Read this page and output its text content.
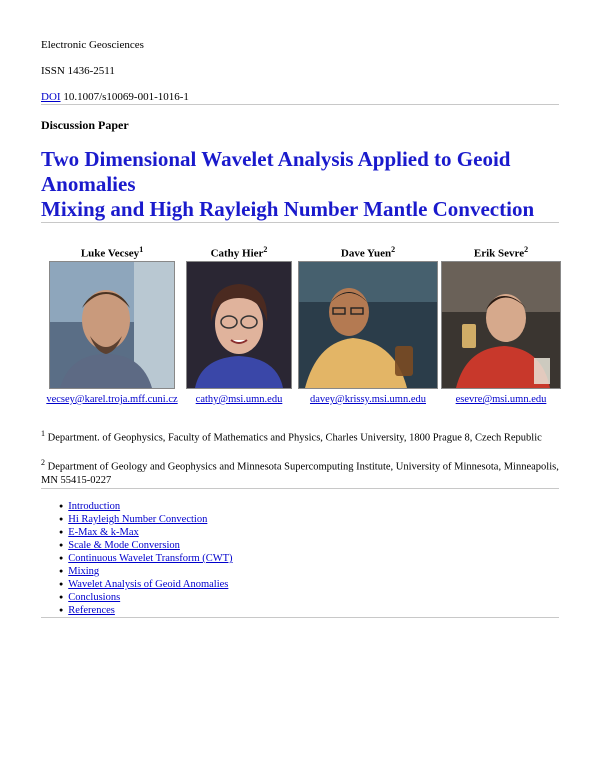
Electronic Geosciences

ISSN 1436-2511

DOI 10.1007/s10069-001-1016-1

Discussion Paper

Two Dimensional Wavelet Analysis Applied to Geoid Anomalies
Mixing and High Rayleigh Number Mantle Convection
Luke Vecsey$^1$
vecsey@karel.troja.mff.cuni.cz

Cathy Hier$^2$
cathy@msi.umn.edu

Dave Yuen$^2$
davey@krissy.msi.umn.edu

Erik Sevre$^2$
esevre@msi.umn.edu

$^1$ Department. of Geophysics, Faculty of Mathematics and Physics, Charles University, 1800 Prague 8, Czech Republic

$^2$ Department of Geology and Geophysics and Minnesota Supercomputing Institute, University of Minnesota, Minneapolis, MN 55415-0227

● Introduction
● Hi Rayleigh Number Convection
● E-Max & k-Max
● Scale & Mode Conversion
● Continuous Wavelet Transform (CWT)
● Mixing
● Wavelet Analysis of Geoid Anomalies
● Conclusions
● References
